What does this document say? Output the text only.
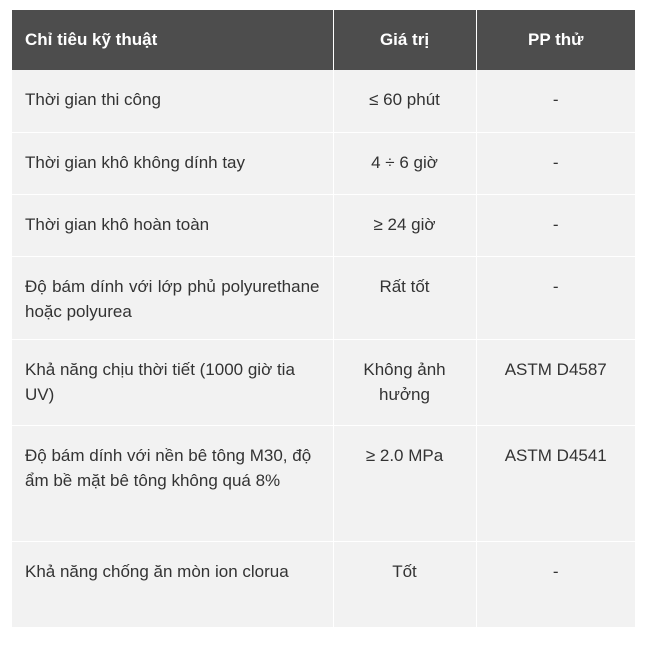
Chỉ tiêu kỹ thuật	Giá trị	PP thử
Thời gian thi công	≤ 60 phút	-
Thời gian khô không dính tay	4 ÷ 6 giờ	-
Thời gian khô hoàn toàn	≥ 24 giờ	-
Độ bám dính với lớp phủ polyurethane hoặc polyurea	Rất tốt	-
Khả năng chịu thời tiết (1000 giờ tia UV)	Không ảnh hưởng	ASTM D4587
Độ bám dính với nền bê tông M30, độ ẩm bề mặt bê tông không quá 8%	≥ 2.0 MPa	ASTM D4541
Khả năng chống ăn mòn ion clorua	Tốt	-
